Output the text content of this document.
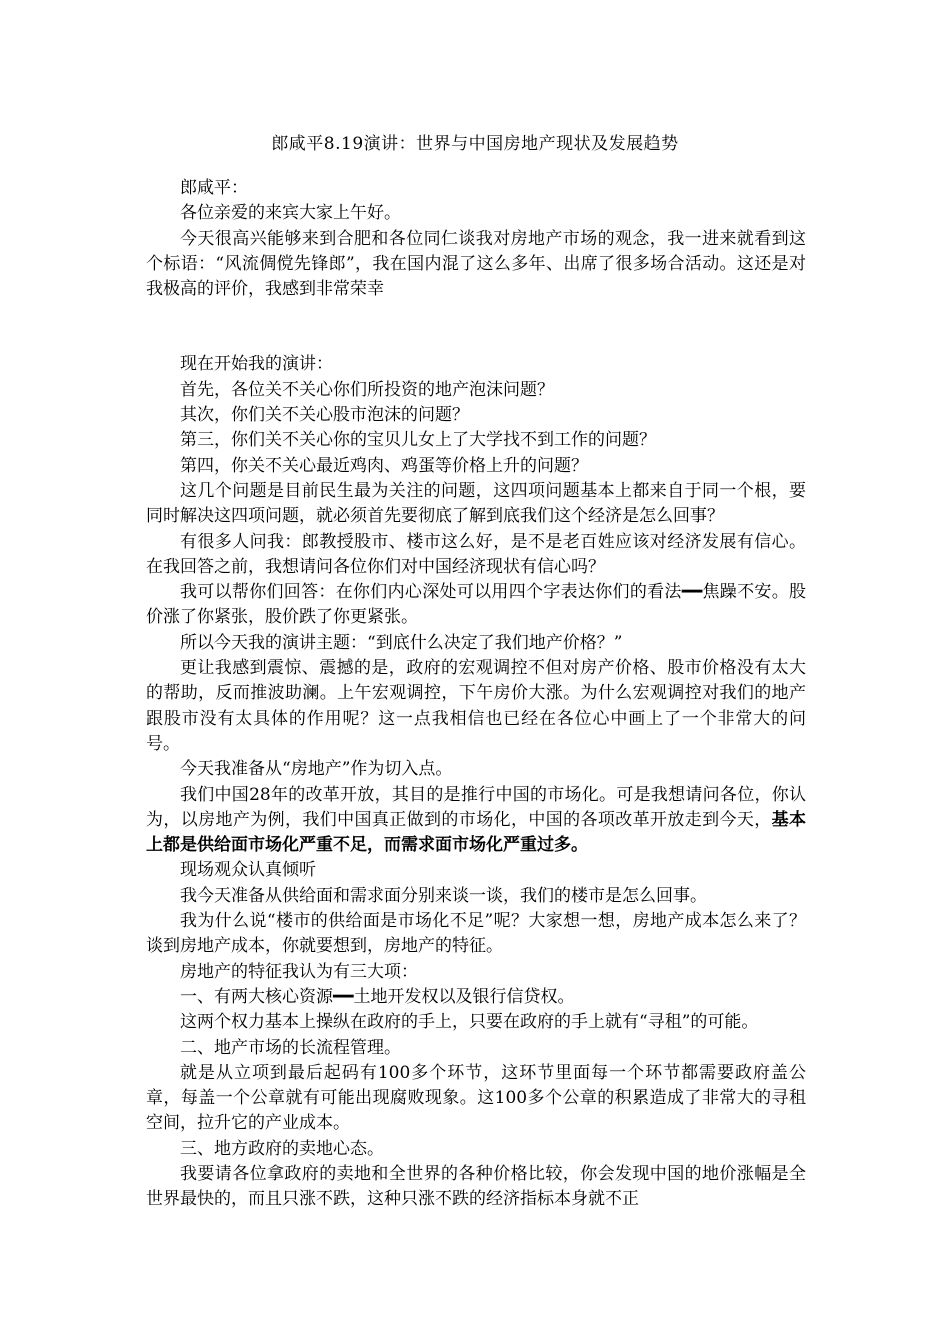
郎咸平8.19演讲：世界与中国房地产现状及发展趋势

郎咸平：

各位亲爱的来宾大家上午好。

今天很高兴能够来到合肥和各位同仁谈我对房地产市场的观念，我一进来就看到这个标语：“风流倜傥先锋郎”，我在国内混了这么多年、出席了很多场合活动。这还是对我极高的评价，我感到非常荣幸

现在开始我的演讲：

首先，各位关不关心你们所投资的地产泡沫问题？

其次，你们关不关心股市泡沫的问题？

第三，你们关不关心你的宝贝儿女上了大学找不到工作的问题？

第四，你关不关心最近鸡肉、鸡蛋等价格上升的问题？

这几个问题是目前民生最为关注的问题，这四项问题基本上都来自于同一个根，要同时解决这四项问题，就必须首先要彻底了解到底我们这个经济是怎么回事？

有很多人问我：郎教授股市、楼市这么好，是不是老百姓应该对经济发展有信心。在我回答之前，我想请问各位你们对中国经济现状有信心吗？

我可以帮你们回答：在你们内心深处可以用四个字表达你们的看法━━焦躁不安。股价涨了你紧张，股价跌了你更紧张。

所以今天我的演讲主题：“到底什么决定了我们地产价格？”

更让我感到震惊、震撼的是，政府的宏观调控不但对房产价格、股市价格没有太大的帮助，反而推波助澜。上午宏观调控，下午房价大涨。为什么宏观调控对我们的地产跟股市没有太具体的作用呢？这一点我相信也已经在各位心中画上了一个非常大的问号。

今天我准备从“房地产”作为切入点。

我们中国28年的改革开放，其目的是推行中国的市场化。可是我想请问各位，你认为，以房地产为例，我们中国真正做到的市场化，中国的各项改革开放走到今天，基本上都是供给面市场化严重不足，而需求面市场化严重过多。

现场观众认真倾听

我今天准备从供给面和需求面分别来谈一谈，我们的楼市是怎么回事。

我为什么说“楼市的供给面是市场化不足”呢？大家想一想，房地产成本怎么来了？谈到房地产成本，你就要想到，房地产的特征。

房地产的特征我认为有三大项：

一、有两大核心资源━━土地开发权以及银行信贷权。

这两个权力基本上操纵在政府的手上，只要在政府的手上就有“寻租”的可能。

二、地产市场的长流程管理。

就是从立项到最后起码有100多个环节，这环节里面每一个环节都需要政府盖公章，每盖一个公章就有可能出现腐败现象。这100多个公章的积累造成了非常大的寻租空间，拉升它的产业成本。

三、地方政府的卖地心态。

我要请各位拿政府的卖地和全世界的各种价格比较，你会发现中国的地价涨幅是全世界最快的，而且只涨不跌，这种只涨不跌的经济指标本身就不正
